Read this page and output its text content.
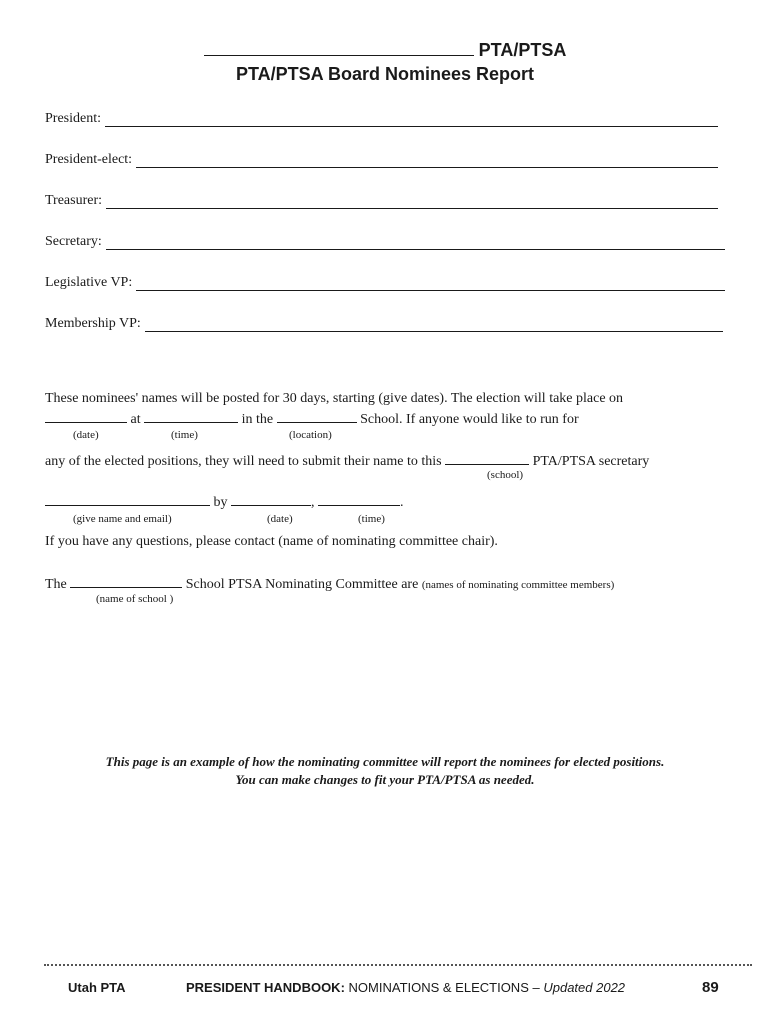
PTA/PTSA
PTA/PTSA Board Nominees Report
President:
President-elect:
Treasurer:
Secretary:
Legislative VP:
Membership VP:
These nominees' names will be posted for 30 days, starting (give dates). The election will take place on
at	in the	School. If anyone would like to run for
(date)	(time)	(location)
any of the elected positions, they will need to submit their name to this	PTA/PTSA secretary
(school)
by	,	.
(give name and email)	(date)	(time)
If you have any questions, please contact (name of nominating committee chair).
The	School PTSA Nominating Committee are (names of nominating committee members)
(name of school )
This page is an example of how the nominating committee will report the nominees for elected positions.
You can make changes to fit your PTA/PTSA as needed.
Utah PTA	PRESIDENT HANDBOOK: NOMINATIONS & ELECTIONS – Updated 2022	89
